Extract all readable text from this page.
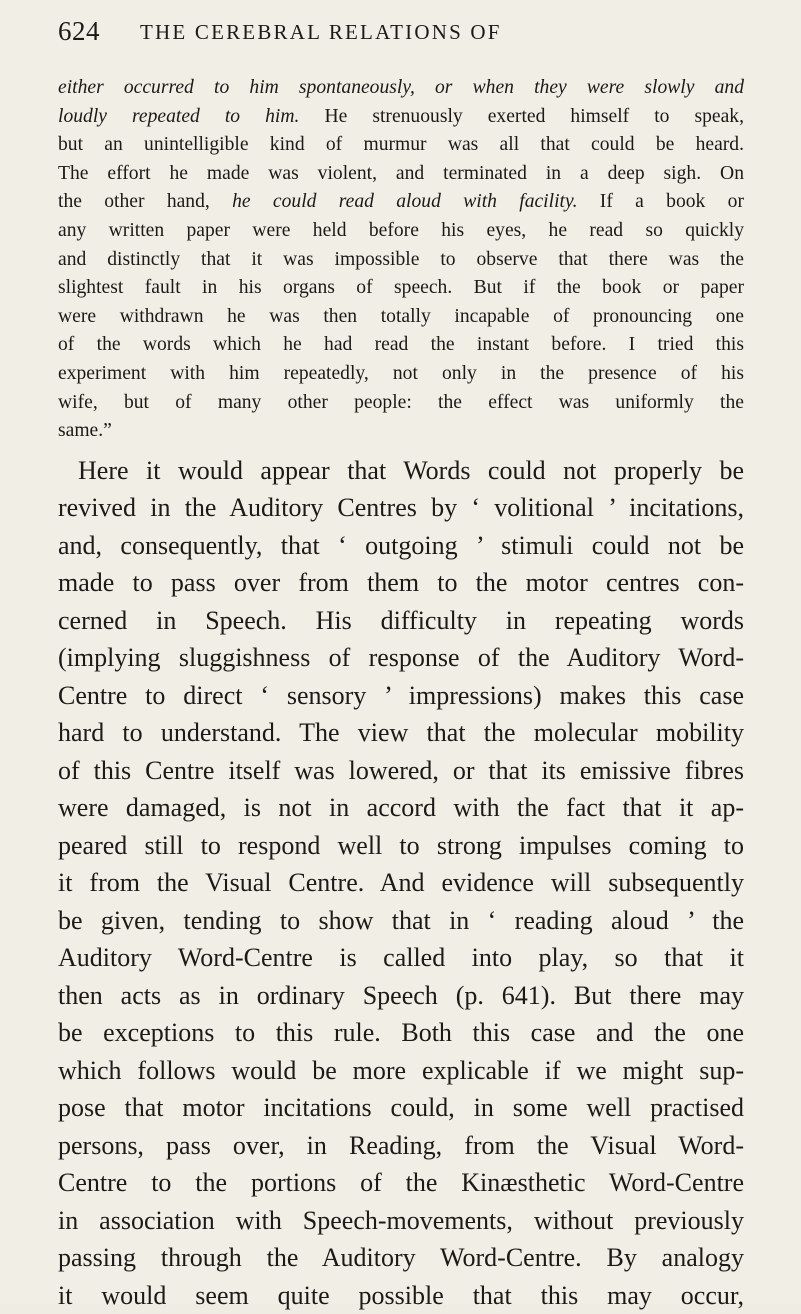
624 THE CEREBRAL RELATIONS OF
either occurred to him spontaneously, or when they were slowly and
loudly repeated to him. He strenuously exerted himself to speak,
but an unintelligible kind of murmur was all that could be heard.
The effort he made was violent, and terminated in a deep sigh. On
the other hand, he could read aloud with facility. If a book or
any written paper were held before his eyes, he read so quickly
and distinctly that it was impossible to observe that there was the
slightest fault in his organs of speech. But if the book or paper
were withdrawn he was then totally incapable of pronouncing one
of the words which he had read the instant before. I tried this
experiment with him repeatedly, not only in the presence of his
wife, but of many other people: the effect was uniformly the
same.”
Here it would appear that Words could not properly be
revived in the Auditory Centres by ‘ volitional ’ incitations,
and, consequently, that ‘ outgoing ’ stimuli could not be
made to pass over from them to the motor centres con-
cerned in Speech. His difficulty in repeating words
(implying sluggishness of response of the Auditory Word-
Centre to direct ‘ sensory ’ impressions) makes this case
hard to understand. The view that the molecular mobility
of this Centre itself was lowered, or that its emissive fibres
were damaged, is not in accord with the fact that it ap-
peared still to respond well to strong impulses coming to
it from the Visual Centre. And evidence will subsequently
be given, tending to show that in ‘ reading aloud ’ the
Auditory Word-Centre is called into play, so that it
then acts as in ordinary Speech (p. 641). But there may
be exceptions to this rule. Both this case and the one
which follows would be more explicable if we might sup-
pose that motor incitations could, in some well practised
persons, pass over, in Reading, from the Visual Word-
Centre to the portions of the Kinæsthetic Word-Centre
in association with Speech-movements, without previously
passing through the Auditory Word-Centre. By analogy
it would seem quite possible that this may occur,
